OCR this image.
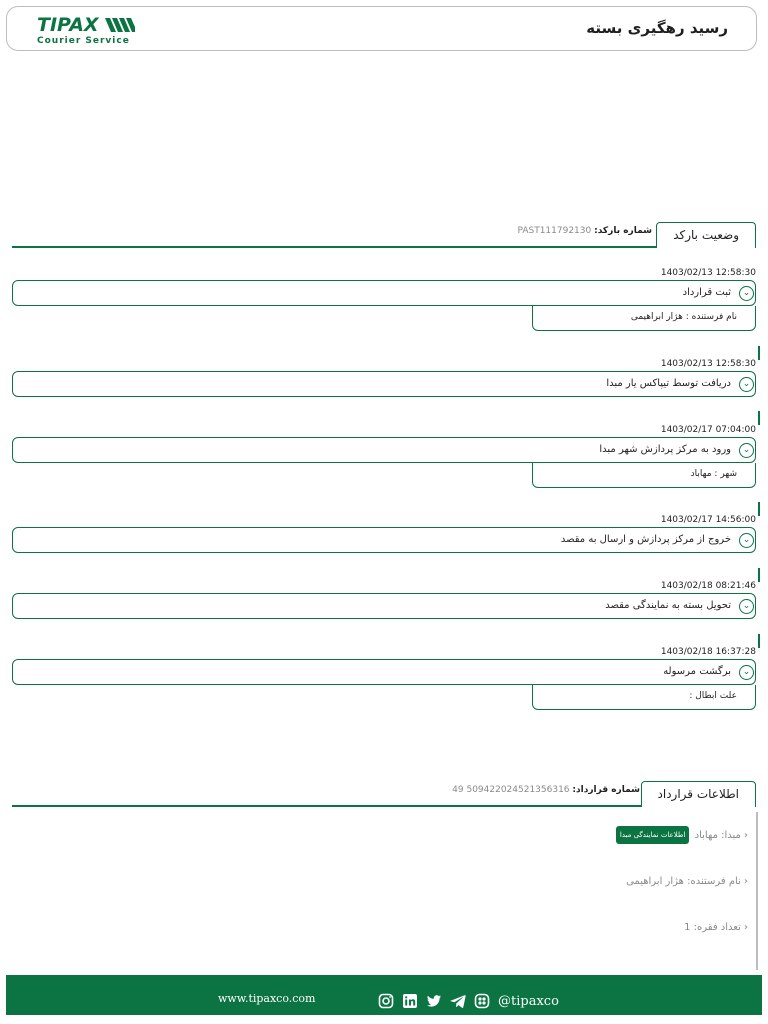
TIPAX
Courier Service
رسید رهگیری بسته
وضعیت بارکد
شماره بارکد: PAST111792130
1403/02/13 12:58:30
ثبت قرارداد	⌄
نام فرستنده : هژار ابراهیمی
1403/02/13 12:58:30
دریافت توسط تیپاکس یار مبدا	⌄
1403/02/17 07:04:00
ورود به مرکز پردازش شهر مبدا	⌄
شهر : مهاباد
1403/02/17 14:56:00
خروج از مرکز پردازش و ارسال به مقصد	⌄
1403/02/18 08:21:46
تحویل بسته به نمایندگی مقصد	⌄
1403/02/18 16:37:28
برگشت مرسوله	⌄
علت ابطال :
اطلاعات قرارداد
شماره قرارداد: 509422024521356316 49
‹مبدا: مهاباد اطلاعات نمایندگی مبدا
‹نام فرستنده: هژار ابراهیمی
‹تعداد فقره: 1
www.tipaxco.com	@tipaxco
